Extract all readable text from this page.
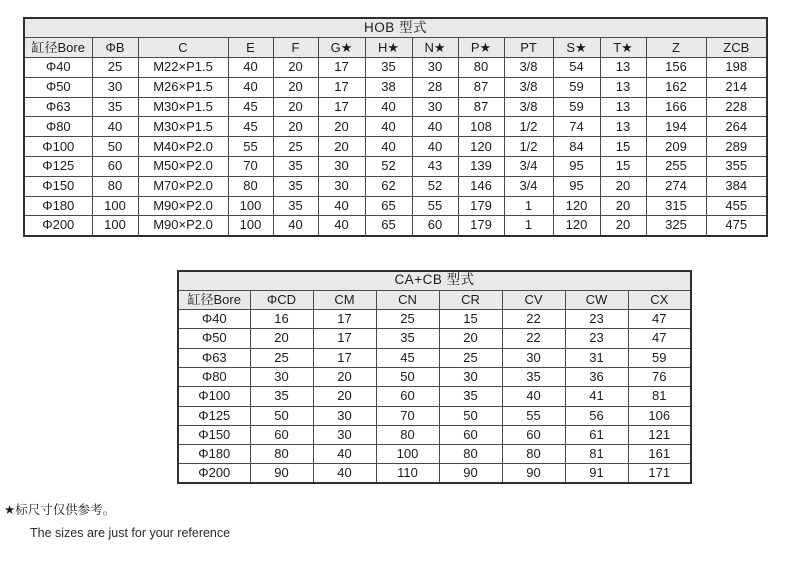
HOB 型式													
缸径Bore	ΦB	C	E	F	G★	H★	N★	P★	PT	S★	T★	Z	ZCB
Φ40	25	M22×P1.5	40	20	17	35	30	80	3/8	54	13	156	198
Φ50	30	M26×P1.5	40	20	17	38	28	87	3/8	59	13	162	214
Φ63	35	M30×P1.5	45	20	17	40	30	87	3/8	59	13	166	228
Φ80	40	M30×P1.5	45	20	20	40	40	108	1/2	74	13	194	264
Φ100	50	M40×P2.0	55	25	20	40	40	120	1/2	84	15	209	289
Φ125	60	M50×P2.0	70	35	30	52	43	139	3/4	95	15	255	355
Φ150	80	M70×P2.0	80	35	30	62	52	146	3/4	95	20	274	384
Φ180	100	M90×P2.0	100	35	40	65	55	179	1	120	20	315	455
Φ200	100	M90×P2.0	100	40	40	65	60	179	1	120	20	325	475
CA+CB 型式							
缸径Bore	ΦCD	CM	CN	CR	CV	CW	CX
Φ40	16	17	25	15	22	23	47
Φ50	20	17	35	20	22	23	47
Φ63	25	17	45	25	30	31	59
Φ80	30	20	50	30	35	36	76
Φ100	35	20	60	35	40	41	81
Φ125	50	30	70	50	55	56	106
Φ150	60	30	80	60	60	61	121
Φ180	80	40	100	80	80	81	161
Φ200	90	40	110	90	90	91	171
★标尺寸仅供参考。
The sizes are just for your reference
